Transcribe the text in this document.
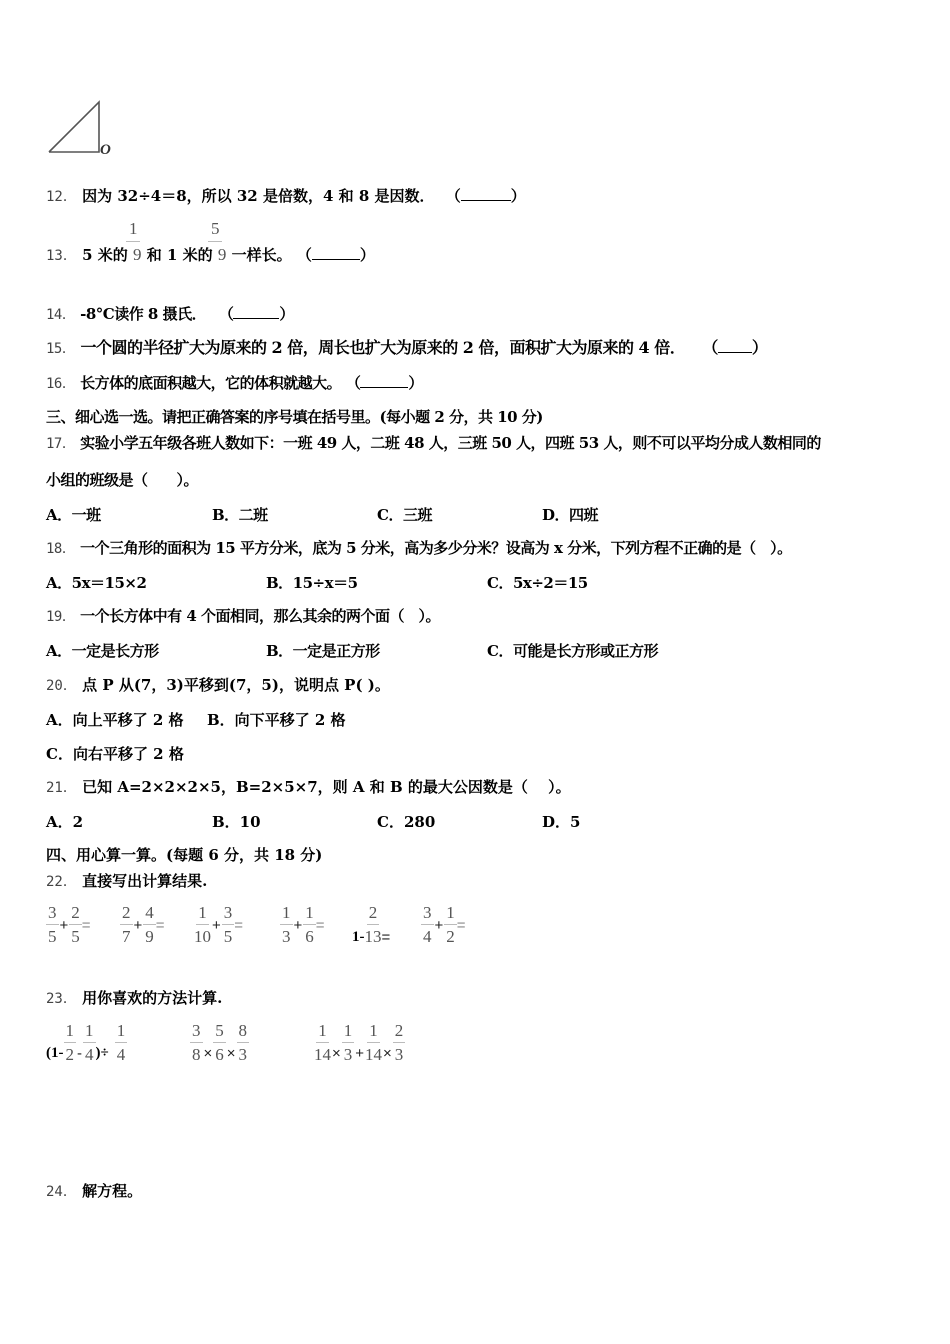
O
12． 因为 32÷4＝8，所以 32 是倍数，4 和 8 是因数． （	）
1	5
13． 5 米的 9 和 1 米的 9 一样长。 （	）
14． -8°C读作 8 摄氏． （	）
15． 一个圆的半径扩大为原来的 2 倍，周长也扩大为原来的 2 倍，面积扩大为原来的 4 倍． （ ）
16． 长方体的底面积越大，它的体积就越大。 （	）
三、细心选一选。请把正确答案的序号填在括号里。(每小题 2 分，共 10 分)
17． 实验小学五年级各班人数如下：一班 49 人，二班 48 人，三班 50 人，四班 53 人，则不可以平均分成人数相同的
小组的班级是（　　）。
A．一班	B．二班	C．三班	D．四班
18． 一个三角形的面积为 15 平方分米，底为 5 分米，高为多少分米？设高为 x 分米，下列方程不正确的是（　）。
A．5x＝15×2	B．15÷x＝5	C．5x÷2＝15
19． 一个长方体中有 4 个面相同，那么其余的两个面（　）。
A．一定是长方形	B．一定是正方形	C．可能是长方形或正方形
20． 点 P 从(7，3)平移到(7，5)，说明点 P( )。
A．向上平移了 2 格 B．向下平移了 2 格
C．向右平移了 2 格
21． 已知 A=2×2×2×5，B=2×5×7，则 A 和 B 的最大公因数是（　 ）。
A．2	B．10	C．280	D．5
四、用心算一算。(每题 6 分，共 18 分)
22． 直接写出计算结果.
$\frac{3}{5} + \frac{2}{5} = \frac{2}{7} + \frac{4}{9} = \frac{1}{10} + \frac{3}{5} = \frac{1}{3} + \frac{1}{6}$ =
$1- \frac{2}{13} = \frac{3}{4} + \frac{1}{2}$ =
23． 用你喜欢的方法计算.
($1- \frac{1}{2} - \frac{1}{4}$ )÷ $\frac{1}{4}$	$\frac{3}{8} \times \frac{5}{6} \times \frac{8}{3}$	$\frac{1}{14} \times \frac{1}{3} + \frac{1}{14} \times \frac{2}{3}$
24． 解方程。
